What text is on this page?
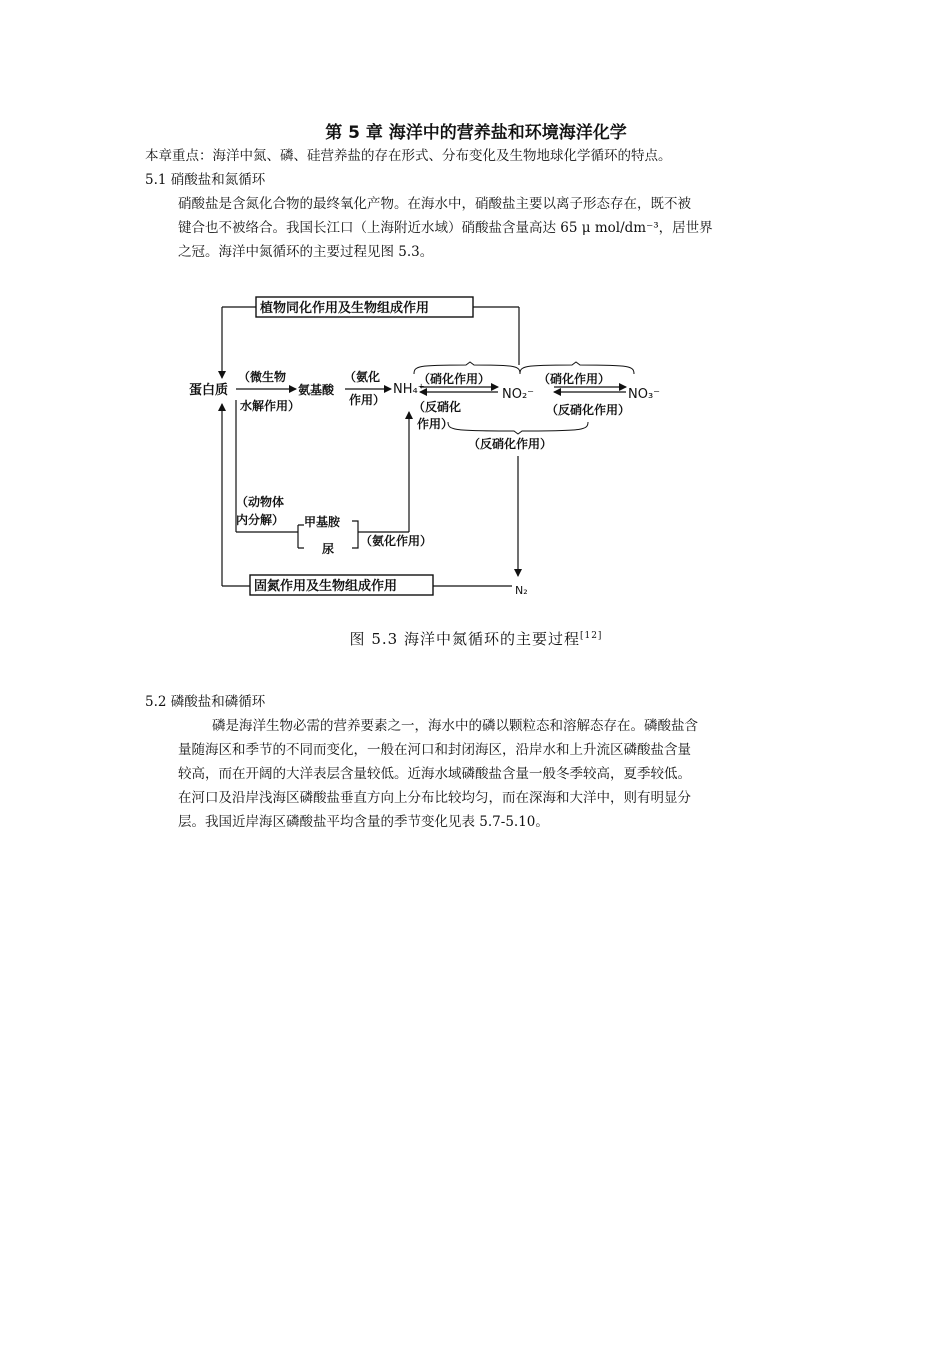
第 5 章 海洋中的营养盐和环境海洋化学
本章重点：海洋中氮、磷、硅营养盐的存在形式、分布变化及生物地球化学循环的特点。
5.1 硝酸盐和氮循环
硝酸盐是含氮化合物的最终氧化产物。在海水中，硝酸盐主要以离子形态存在，既不被
键合也不被络合。我国长江口（上海附近水域）硝酸盐含量高达 65 μ mol/dm⁻³，居世界
之冠。海洋中氮循环的主要过程见图 5.3。
植物同化作用及生物组成作用
蛋白质
（微生物
水解作用）
氨基酸
（氨化
作用）
NH₄⁺
（硝化作用）
（反硝化
作用）
NO₂⁻
（硝化作用）
（反硝化作用）
NO₃⁻
（反硝化作用）
N₂
（动物体
内分解） 甲基胺
尿
（氨化作用）
固氮作用及生物组成作用
图 5.3 海洋中氮循环的主要过程[12]
5.2 磷酸盐和磷循环
磷是海洋生物必需的营养要素之一，海水中的磷以颗粒态和溶解态存在。磷酸盐含
量随海区和季节的不同而变化，一般在河口和封闭海区，沿岸水和上升流区磷酸盐含量
较高，而在开阔的大洋表层含量较低。近海水域磷酸盐含量一般冬季较高，夏季较低。
在河口及沿岸浅海区磷酸盐垂直方向上分布比较均匀，而在深海和大洋中，则有明显分
层。我国近岸海区磷酸盐平均含量的季节变化见表 5.7-5.10。
